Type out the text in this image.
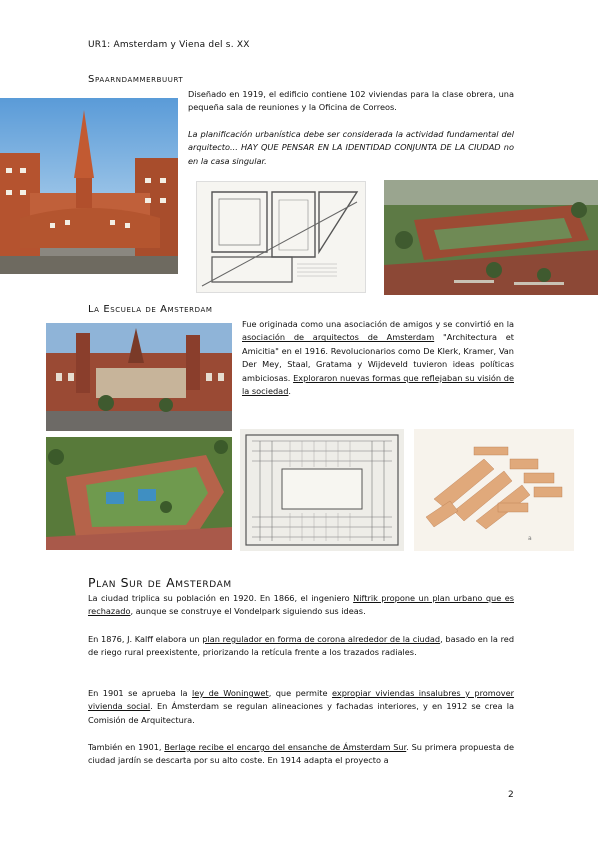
UR1: Amsterdam y Viena del s. XX
Spaarndammerbuurt

Diseñado en 1919, el edificio contiene 102 viviendas para la clase obrera, una pequeña sala de reuniones y la Oficina de Correos.

La planificación urbanística debe ser considerada la actividad fundamental del arquitecto... HAY QUE PENSAR EN LA IDENTIDAD CONJUNTA DE LA CIUDAD no en la casa singular.

La Escuela de Amsterdam

Fue originada como una asociación de amigos y se convirtió en la asociación de arquitectos de Amsterdam "Architectura et Amicitia" en el 1916. Revolucionarios como De Klerk, Kramer, Van Der Mey, Staal, Gratama y Wijdeveld tuvieron ideas políticas ambiciosas. Exploraron nuevas formas que reflejaban su visión de la sociedad.

a
Plan Sur de Amsterdam

La ciudad triplica su población en 1920. En 1866, el ingeniero Niftrik propone un plan urbano que es rechazado, aunque se construye el Vondelpark siguiendo sus ideas.

En 1876, J. Kalff elabora un plan regulador en forma de corona alrededor de la ciudad, basado en la red de riego rural preexistente, priorizando la retícula frente a los trazados radiales.

En 1901 se aprueba la ley de Woningwet, que permite expropiar viviendas insalubres y promover vivienda social. En Ámsterdam se regulan alineaciones y fachadas interiores, y en 1912 se crea la Comisión de Arquitectura.

También en 1901, Berlage recibe el encargo del ensanche de Ámsterdam Sur. Su primera propuesta de ciudad jardín se descarta por su alto coste. En 1914 adapta el proyecto a

2
